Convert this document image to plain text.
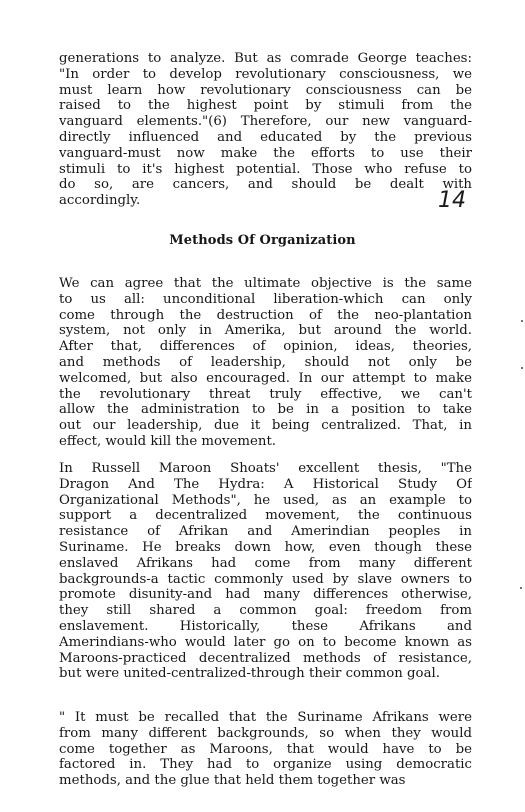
generations to analyze. But as comrade George teaches:
"In order to develop revolutionary consciousness, we
must learn how revolutionary consciousness can be
raised to the highest point by stimuli from the
vanguard elements."(6) Therefore, our new vanguard-
directly influenced and educated by the previous
vanguard-must now make the efforts to use their
stimuli to it's highest potential. Those who refuse to
do so, are cancers, and should be dealt with
accordingly.	14
Methods Of Organization
We can agree that the ultimate objective is the same
to us all: unconditional liberation-which can only
come through the destruction of the neo-plantation
system, not only in Amerika, but around the world.
After that, differences of opinion, ideas, theories,
and methods of leadership, should not only be
welcomed, but also encouraged. In our attempt to make
the revolutionary threat truly effective, we can't
allow the administration to be in a position to take
out our leadership, due it being centralized. That, in
effect, would kill the movement.
In Russell Maroon Shoats' excellent thesis, "The
Dragon And The Hydra: A Historical Study Of
Organizational Methods", he used, as an example to
support a decentralized movement, the continuous
resistance of Afrikan and Amerindian peoples in
Suriname. He breaks down how, even though these
enslaved Afrikans had come from many different
backgrounds-a tactic commonly used by slave owners to
promote disunity-and had many differences otherwise,
they still shared a common goal: freedom from
enslavement. Historically, these Afrikans and
Amerindians-who would later go on to become known as
Maroons-practiced decentralized methods of resistance,
but were united-centralized-through their common goal.
" It must be recalled that the Suriname Afrikans were
from many different backgrounds, so when they would
come together as Maroons, that would have to be
factored in. They had to organize using democratic
methods, and the glue that held them together was
